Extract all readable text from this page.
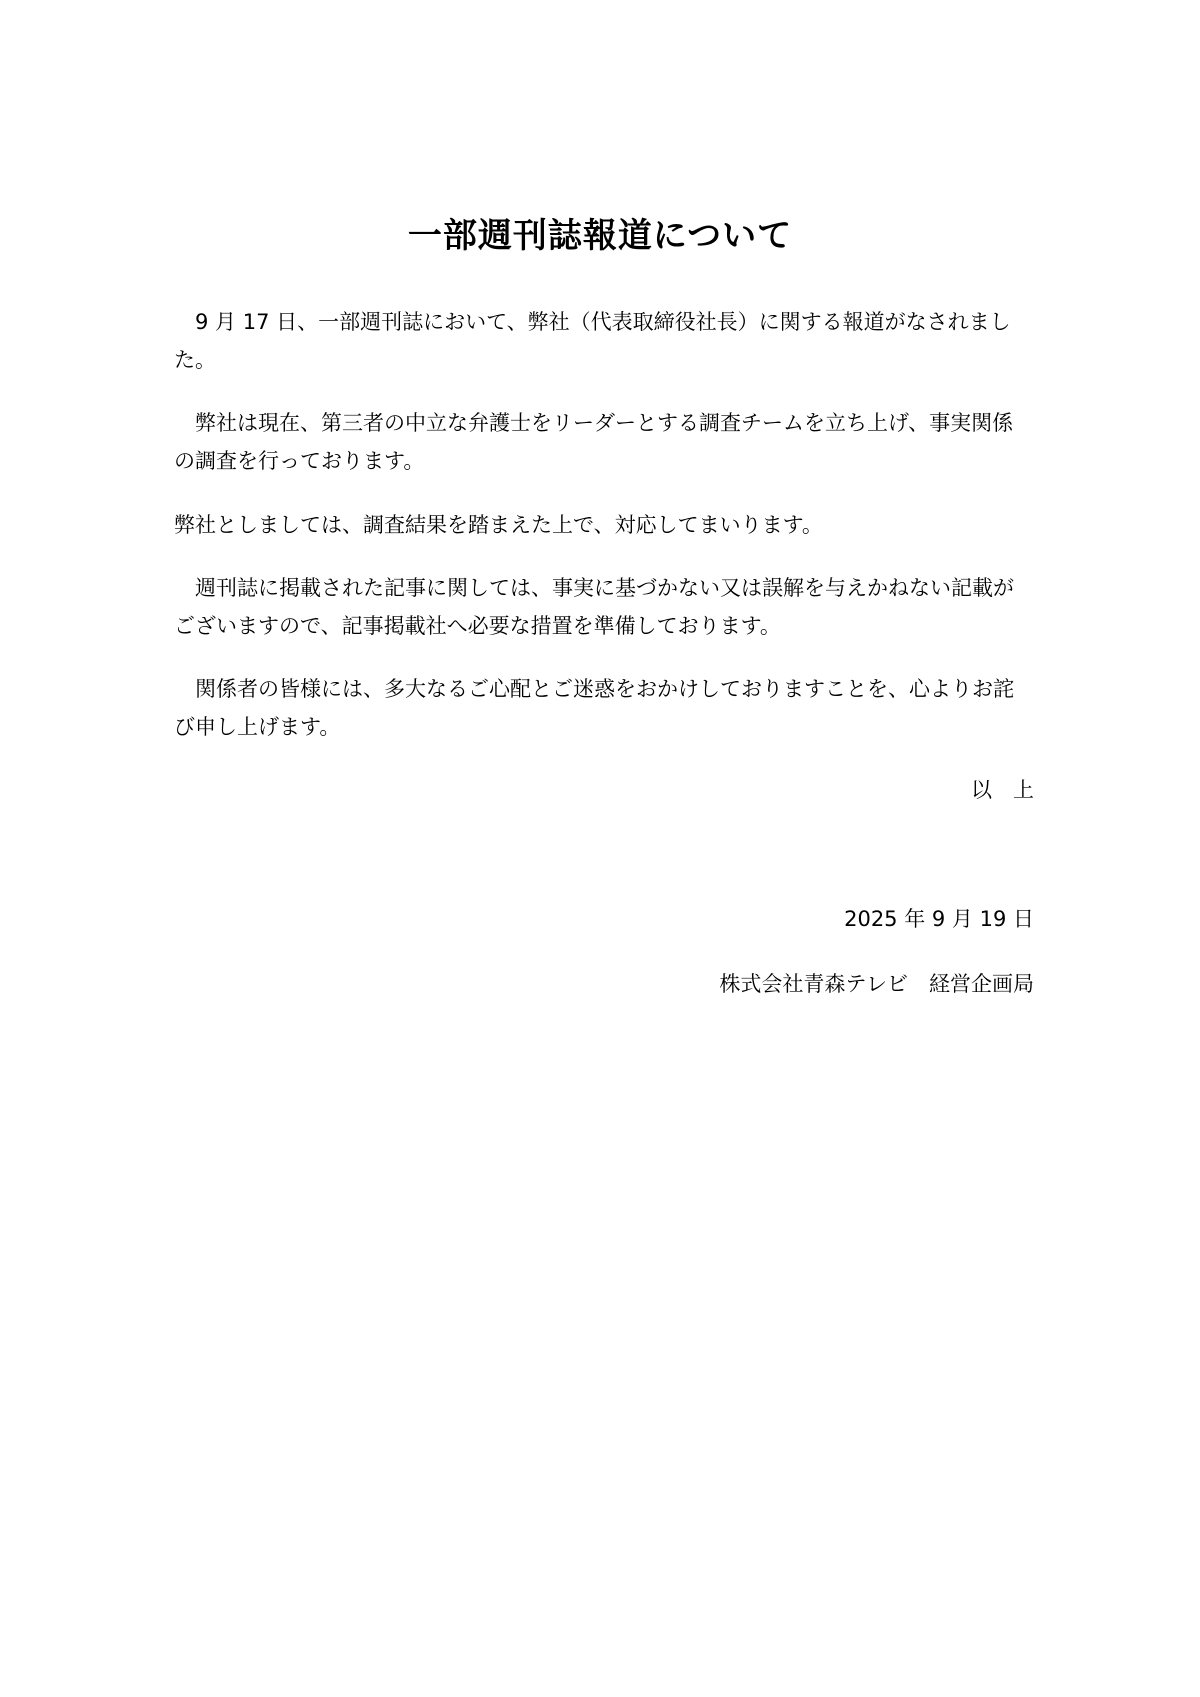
一部週刊誌報道について

　9 月 17 日、一部週刊誌において、弊社（代表取締役社長）に関する報道がなされました。

　弊社は現在、第三者の中立な弁護士をリーダーとする調査チームを立ち上げ、事実関係の調査を行っております。

弊社としましては、調査結果を踏まえた上で、対応してまいります。

　週刊誌に掲載された記事に関しては、事実に基づかない又は誤解を与えかねない記載がございますので、記事掲載社へ必要な措置を準備しております。

　関係者の皆様には、多大なるご心配とご迷惑をおかけしておりますことを、心よりお詫び申し上げます。

以　上
2025 年 9 月 19 日
株式会社青森テレビ　経営企画局
